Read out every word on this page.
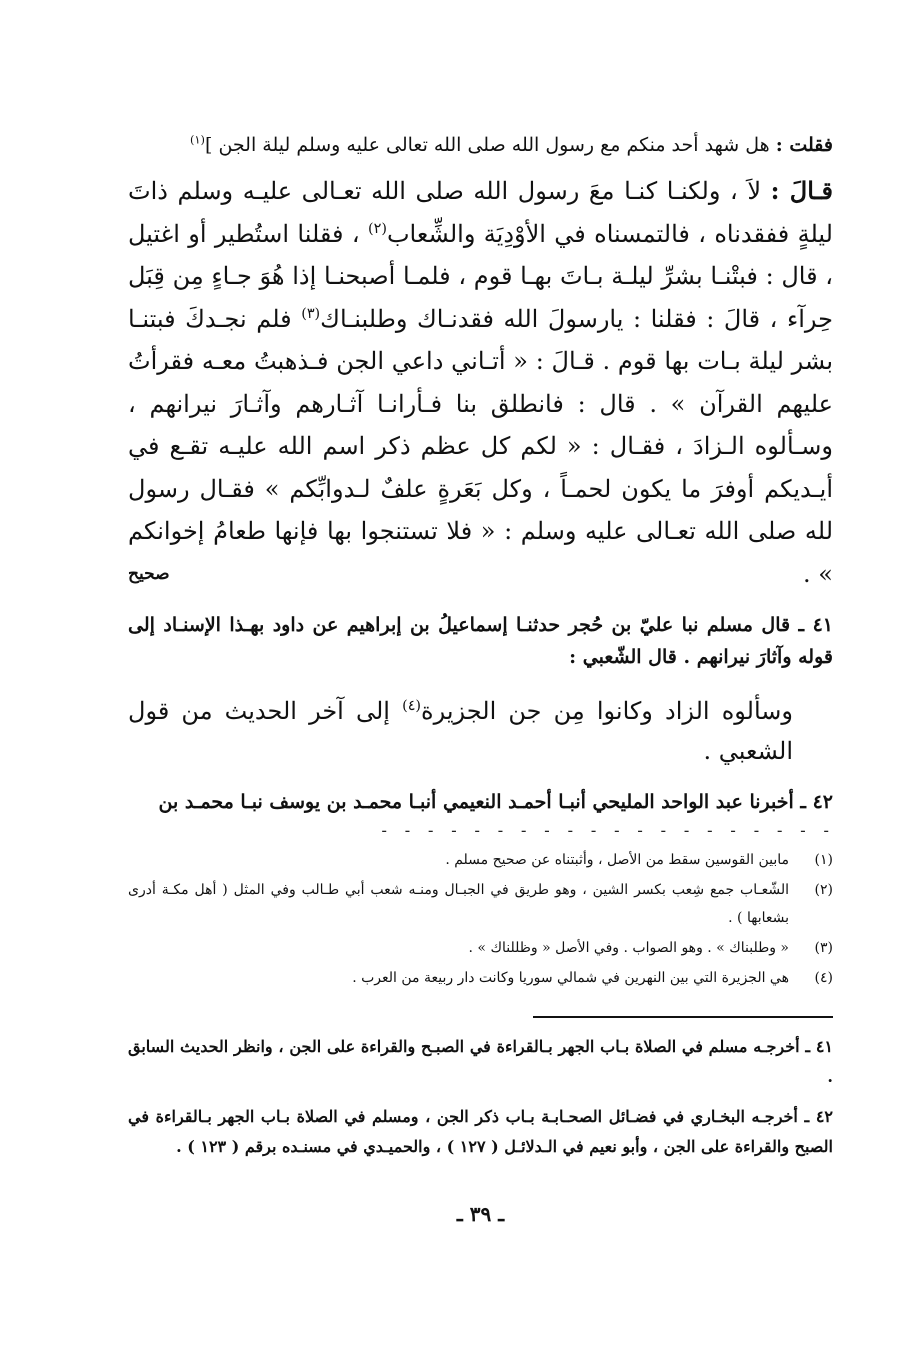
فقلت : هل شهد أحد منكم مع رسول الله صلى الله تعالى عليه وسلم ليلة الجن ]$^{(١)}$

قـالَ : لاَ ، ولكنـا كنـا معَ رسول الله صلى الله تعـالى عليـه وسلم ذاتَ ليلةٍ ففقدناه ، فالتمسناه في الأوْدِيَة والشِّعاب$^{(٢)}$ ، فقلنا استُطير أو اغتيل ، قال : فبتْنـا بشرِّ ليلـة بـاتَ بهـا قوم ، فلمـا أصبحنـا إذا هُوَ جـاءٍ مِن قِبَل حِرآء ، قالَ : فقلنا : يارسولَ الله فقدنـاك وطلبنـاك$^{(٣)}$ فلم نجـدكَ فبتنـا بشر ليلة بـات بها قوم . قـالَ : « أتـاني داعي الجن فـذهبتُ معـه فقرأتُ عليهم القرآن » . قال : فانطلق بنا فـأرانـا آثـارهم وآثـارَ نيرانهم ، وسـألوه الـزادَ ، فقـال : « لكم كل عظم ذكر اسم الله عليـه تقـع في أيـديكم أوفرَ ما يكون لحمـاً ، وكل بَعَرةٍ علفٌ لـدوابِّكم » فقـال رسول لله صلى الله تعـالى عليه وسلم : « فلا تستنجوا بها فإنها طعامُ إخوانكم » .
صحيح

٤١ ـ قال مسلم نبا عليّ بن حُجر حدثنـا إسماعيلُ بن إبراهيم عن داود بهـذا الإسنـاد إلى قوله وآثارَ نيرانهم . قال الشّعبي :

وسألوه الزاد وكانوا مِن جن الجزيرة$^{(٤)}$ إلى آخر الحديث من قول الشعبي .

٤٢ ـ أخبرنا عبد الواحد المليحي أنبـا أحمـد النعيمي أنبـا محمـد بن يوسف نبـا محمـد بن

- - - - - - - - - - - - - - - - - - - -
(١)
مابين القوسين سقط من الأصل ، وأثبتناه عن صحيح مسلم .
(٢)
الشّعـاب جمع شِعب بكسر الشين ، وهو طريق في الجبـال ومنـه شعب أبي طـالب وفي المثل ( أهل مكـة أدرى بشعابها ) .
(٣)
« وطلبناك » . وهو الصواب . وفي الأصل « وظللناك » .
(٤)
هي الجزيرة التي بين النهرين في شمالي سوريا وكانت دار ربيعة من العرب .

٤١ ـ أخرجـه مسلم في الصلاة بـاب الجهر بـالقراءة في الصبـح والقراءة على الجن ، وانظر الحديث السابق .

٤٢ ـ أخرجـه البخـاري في فضـائل الصحـابـة بـاب ذكر الجن ، ومسلم في الصلاة بـاب الجهر بـالقراءة في الصبح والقراءة على الجن ، وأبو نعيم في الـدلائـل ( ١٢٧ ) ، والحميـدي في مسنـده برقم ( ١٢٣ ) .

ـ ٣٩ ـ
